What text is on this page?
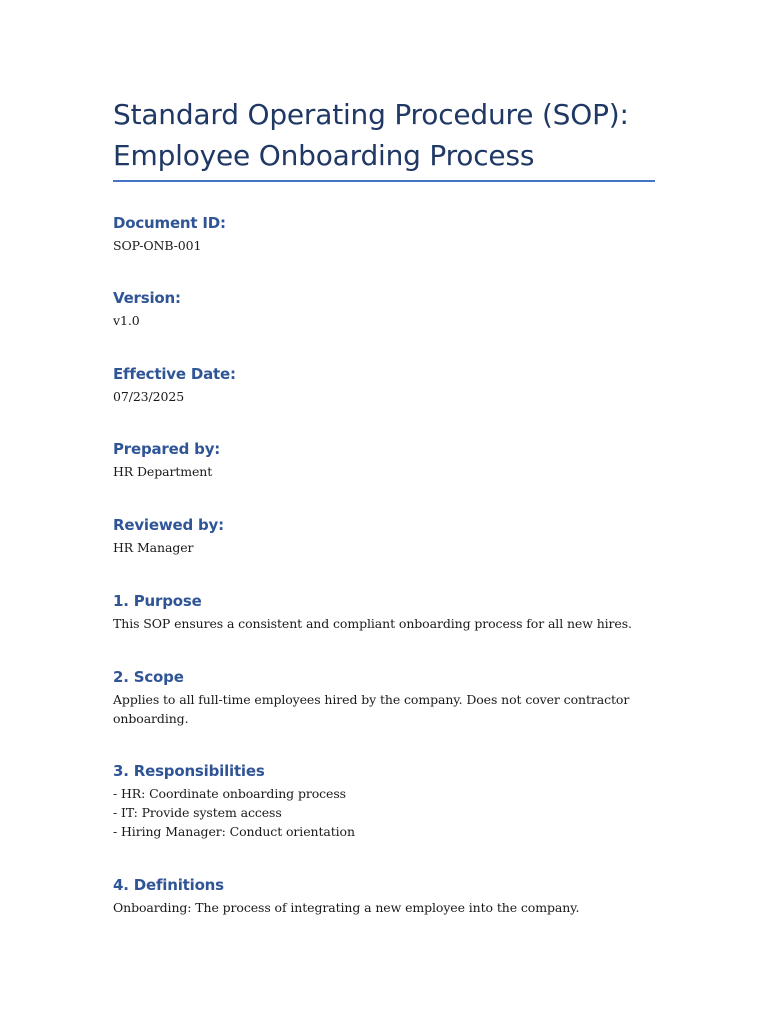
Standard Operating Procedure (SOP):
Employee Onboarding Process
Document ID:

SOP-ONB-001

Version:

v1.0

Effective Date:

07/23/2025

Prepared by:

HR Department

Reviewed by:

HR Manager

1. Purpose

This SOP ensures a consistent and compliant onboarding process for all new hires.

2. Scope

Applies to all full-time employees hired by the company. Does not cover contractor

onboarding.

3. Responsibilities

- HR: Coordinate onboarding process

- IT: Provide system access

- Hiring Manager: Conduct orientation

4. Definitions

Onboarding: The process of integrating a new employee into the company.
